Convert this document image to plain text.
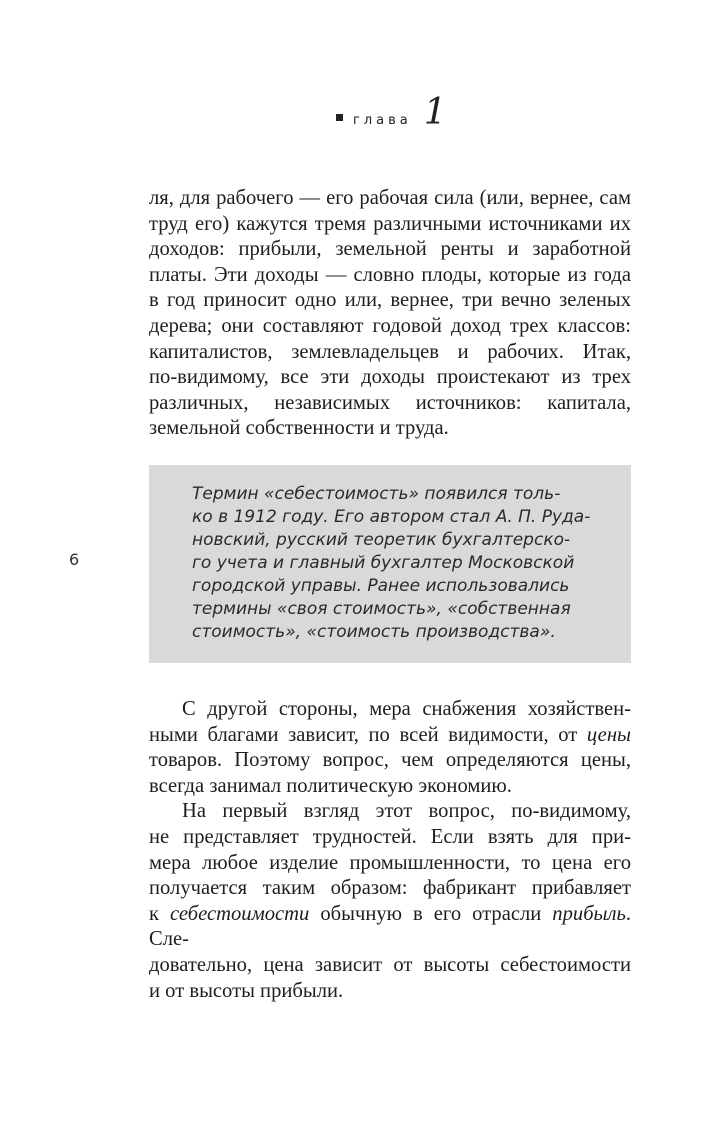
глава 1
ля, для рабочего — его рабочая сила (или, вернее, сам
труд его) кажутся тремя различными источниками их
доходов: прибыли, земельной ренты и заработной
платы. Эти доходы — словно плоды, которые из года
в год приносит одно или, вернее, три вечно зеленых
дерева; они составляют годовой доход трех классов:
капиталистов, землевладельцев и рабочих. Итак,
по-видимому, все эти доходы проистекают из трех
различных, независимых источников: капитала,
земельной собственности и труда.
6
Термин «себестоимость» появился толь-
ко в 1912 году. Его автором стал А. П. Руда-
новский, русский теоретик бухгалтерско-
го учета и главный бухгалтер Московской
городской управы. Ранее использовались
термины «своя стоимость», «собственная
стоимость», «стоимость производства».
С другой стороны, мера снабжения хозяйствен-
ными благами зависит, по всей видимости, от цены
товаров. Поэтому вопрос, чем определяются цены,
всегда занимал политическую экономию.
На первый взгляд этот вопрос, по-видимому,
не представляет трудностей. Если взять для при-
мера любое изделие промышленности, то цена его
получается таким образом: фабрикант прибавляет
к себестоимости обычную в его отрасли прибыль. Сле-
довательно, цена зависит от высоты себестоимости
и от высоты прибыли.
